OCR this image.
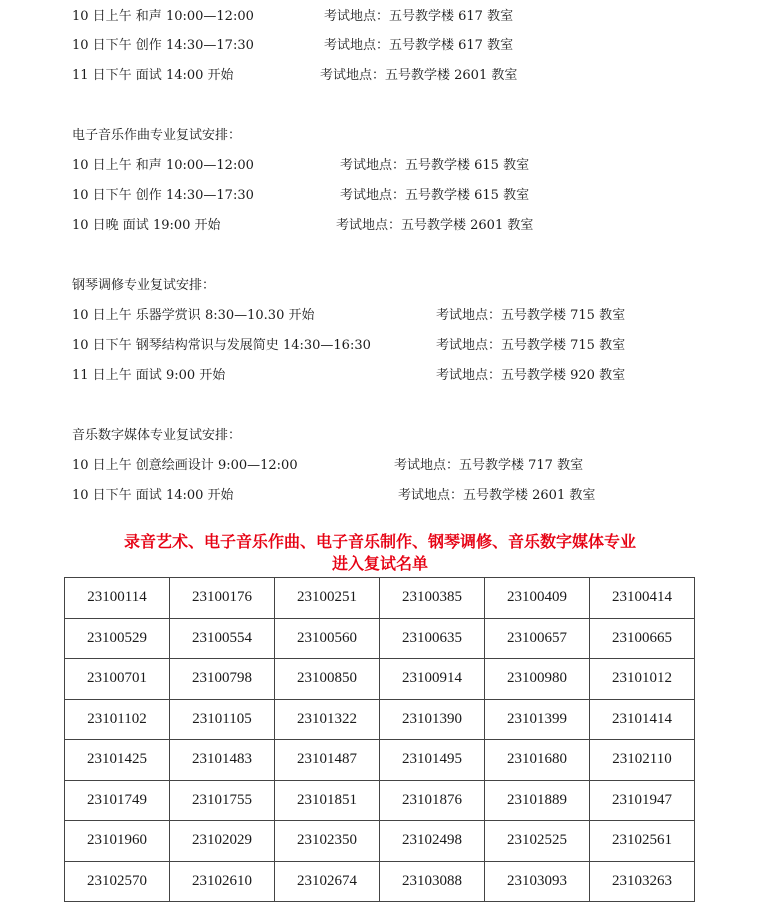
10 日上午 和声 10:00—12:00	考试地点：五号教学楼 617 教室
10 日下午 创作 14:30—17:30	考试地点：五号教学楼 617 教室
11 日下午 面试 14:00 开始	考试地点：五号教学楼 2601 教室
电子音乐作曲专业复试安排：
10 日上午 和声 10:00—12:00	考试地点：五号教学楼 615 教室
10 日下午 创作 14:30—17:30	考试地点：五号教学楼 615 教室
10 日晚 面试 19:00 开始	考试地点：五号教学楼 2601 教室
钢琴调修专业复试安排：
10 日上午 乐器学赏识 8:30—10.30 开始	考试地点：五号教学楼 715 教室
10 日下午 钢琴结构常识与发展简史 14:30—16:30	考试地点：五号教学楼 715 教室
11 日上午 面试 9:00 开始	考试地点：五号教学楼 920 教室
音乐数字媒体专业复试安排：
10 日上午 创意绘画设计 9:00—12:00	考试地点：五号教学楼 717 教室
10 日下午 面试 14:00 开始	考试地点：五号教学楼 2601 教室
录音艺术、电子音乐作曲、电子音乐制作、钢琴调修、音乐数字媒体专业
进入复试名单
23100114	23100176	23100251	23100385	23100409	23100414
23100529	23100554	23100560	23100635	23100657	23100665
23100701	23100798	23100850	23100914	23100980	23101012
23101102	23101105	23101322	23101390	23101399	23101414
23101425	23101483	23101487	23101495	23101680	23102110
23101749	23101755	23101851	23101876	23101889	23101947
23101960	23102029	23102350	23102498	23102525	23102561
23102570	23102610	23102674	23103088	23103093	23103263
